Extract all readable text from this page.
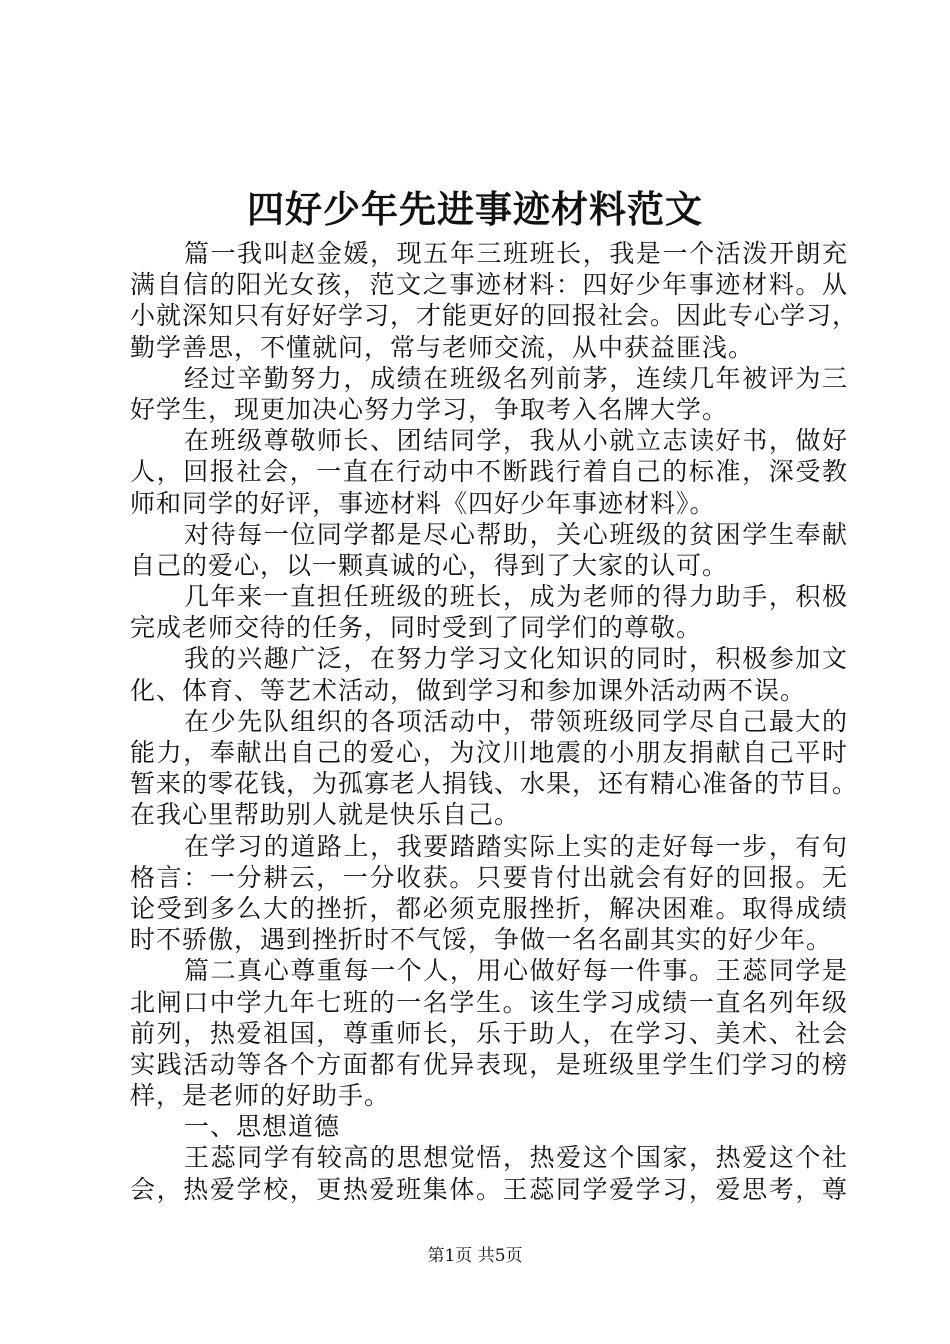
四好少年先进事迹材料范文
篇一我叫赵金媛，现五年三班班长，我是一个活泼开朗充
满自信的阳光女孩，范文之事迹材料：四好少年事迹材料。从
小就深知只有好好学习，才能更好的回报社会。因此专心学习，
勤学善思，不懂就问，常与老师交流，从中获益匪浅。
经过辛勤努力，成绩在班级名列前茅，连续几年被评为三
好学生，现更加决心努力学习，争取考入名牌大学。
在班级尊敬师长、团结同学，我从小就立志读好书，做好
人，回报社会，一直在行动中不断践行着自己的标准，深受教
师和同学的好评，事迹材料《四好少年事迹材料》。
对待每一位同学都是尽心帮助，关心班级的贫困学生奉献
自己的爱心，以一颗真诚的心，得到了大家的认可。
几年来一直担任班级的班长，成为老师的得力助手，积极
完成老师交待的任务，同时受到了同学们的尊敬。
我的兴趣广泛，在努力学习文化知识的同时，积极参加文
化、体育、等艺术活动，做到学习和参加课外活动两不误。
在少先队组织的各项活动中，带领班级同学尽自己最大的
能力，奉献出自己的爱心，为汶川地震的小朋友捐献自己平时
暂来的零花钱，为孤寡老人捐钱、水果，还有精心准备的节目。
在我心里帮助别人就是快乐自己。
在学习的道路上，我要踏踏实际上实的走好每一步，有句
格言：一分耕云，一分收获。只要肯付出就会有好的回报。无
论受到多么大的挫折，都必须克服挫折，解决困难。取得成绩
时不骄傲，遇到挫折时不气馁，争做一名名副其实的好少年。
篇二真心尊重每一个人，用心做好每一件事。王蕊同学是
北闸口中学九年七班的一名学生。该生学习成绩一直名列年级
前列，热爱祖国，尊重师长，乐于助人，在学习、美术、社会
实践活动等各个方面都有优异表现，是班级里学生们学习的榜
样，是老师的好助手。
一、思想道德
王蕊同学有较高的思想觉悟，热爱这个国家，热爱这个社
会，热爱学校，更热爱班集体。王蕊同学爱学习，爱思考，尊
第1页 共5页
